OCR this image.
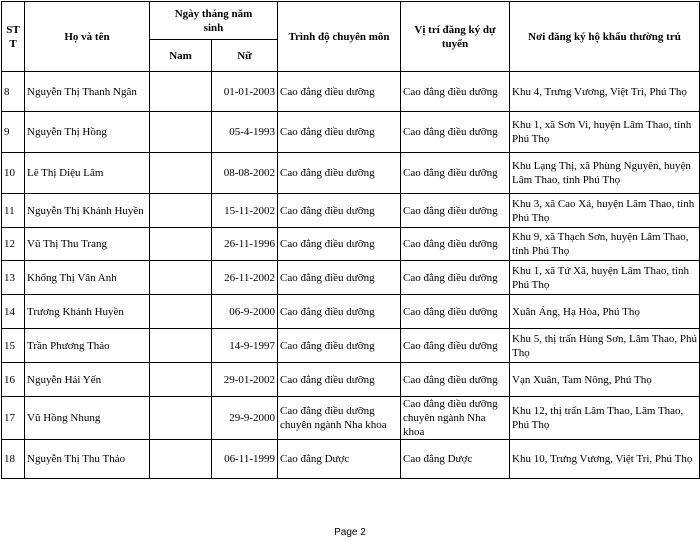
STT	Họ và tên	Ngày tháng năm sinh		Trình độ chuyên môn	Vị trí đăng ký dự tuyển	Nơi đăng ký hộ khẩu thường trú
		Nam	Nữ			
8	Nguyễn Thị Thanh Ngân		01-01-2003	Cao đẳng điều dưỡng	Cao đẳng điều dưỡng	Khu 4, Trưng Vương, Việt Trì, Phú Thọ
9	Nguyễn Thị Hồng		05-4-1993	Cao đẳng điều dưỡng	Cao đẳng điều dưỡng	Khu 1, xã Sơn Vi, huyện Lâm Thao, tỉnh Phú Thọ
10	Lê Thị Diệu Lâm		08-08-2002	Cao đẳng điều dưỡng	Cao đẳng điều dưỡng	Khu Lạng Thị, xã Phùng Nguyên, huyện Lâm Thao, tỉnh Phú Thọ
11	Nguyễn Thị Khánh Huyền		15-11-2002	Cao đẳng điều dưỡng	Cao đẳng điều dưỡng	Khu 3, xã Cao Xá, huyện Lâm Thao, tỉnh Phú Thọ
12	Vũ Thị Thu Trang		26-11-1996	Cao đẳng điều dưỡng	Cao đẳng điều dưỡng	Khu 9, xã Thạch Sơn, huyện Lâm Thao, tỉnh Phú Thọ
13	Khổng Thị Vân Anh		26-11-2002	Cao đẳng điều dưỡng	Cao đẳng điều dưỡng	Khu 1, xã Tứ Xã, huyện Lâm Thao, tỉnh Phú Thọ
14	Trương Khánh Huyền		06-9-2000	Cao đẳng điều dưỡng	Cao đẳng điều dưỡng	Xuân Áng, Hạ Hòa, Phú Thọ
15	Trần Phương Thảo		14-9-1997	Cao đẳng điều dưỡng	Cao đẳng điều dưỡng	Khu 5, thị trấn Hùng Sơn, Lâm Thao, Phú Thọ
16	Nguyễn Hải Yến		29-01-2002	Cao đẳng điều dưỡng	Cao đẳng điều dưỡng	Vạn Xuân, Tam Nông, Phú Thọ
17	Vũ Hồng Nhung		29-9-2000	Cao đẳng điều dưỡng chuyên ngành Nha khoa	Cao đẳng điều dưỡng chuyên ngành Nha khoa	Khu 12, thị trấn Lâm Thao, Lâm Thao, Phú Thọ
18	Nguyễn Thị Thu Thảo		06-11-1999	Cao đẳng Dược	Cao đẳng Dược	Khu 10, Trưng Vương, Việt Trì, Phú Thọ
Page 2
